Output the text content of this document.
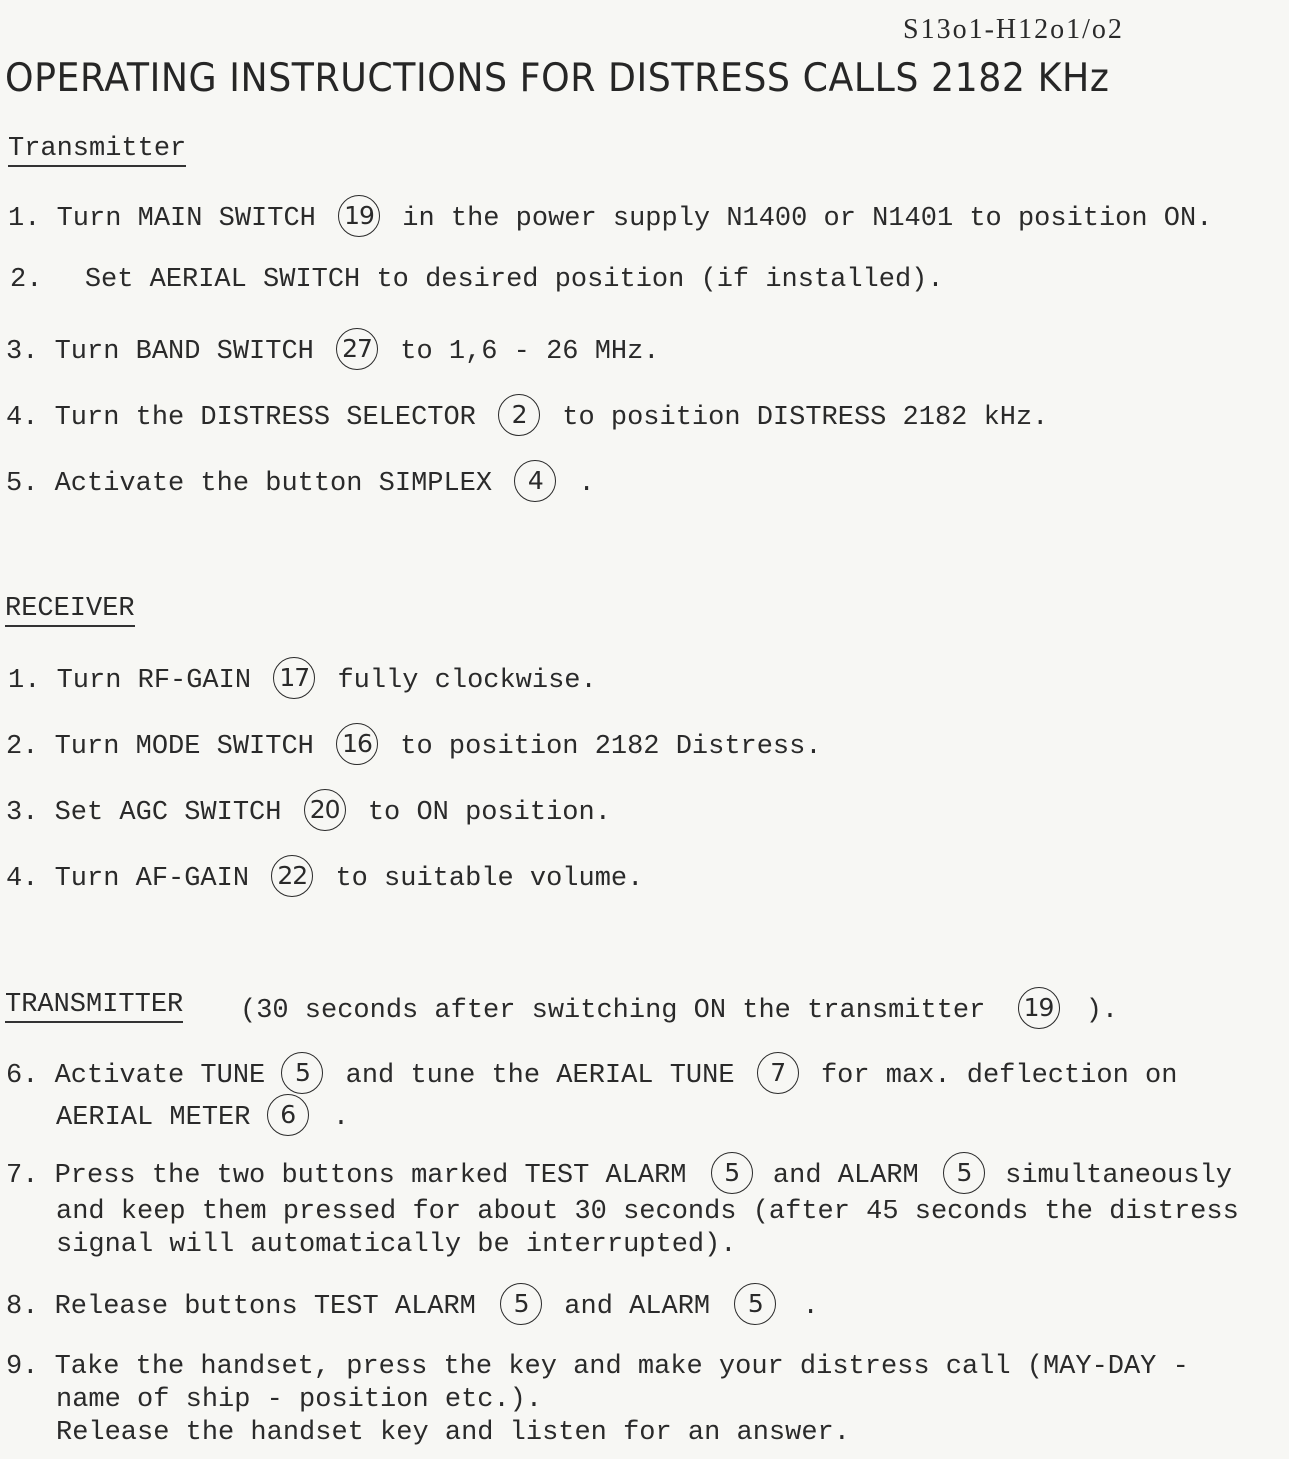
S13o1-H12o1/o2
OPERATING INSTRUCTIONS FOR DISTRESS CALLS 2182 KHz
Transmitter
1. Turn MAIN SWITCH 19 in the power supply N1400 or N1401 to position ON.
2. Set AERIAL SWITCH to desired position (if installed).
3. Turn BAND SWITCH 27 to 1,6 - 26 MHz.
4. Turn the DISTRESS SELECTOR 2 to position DISTRESS 2182 kHz.
5. Activate the button SIMPLEX 4 .
RECEIVER
1. Turn RF-GAIN 17 fully clockwise.
2. Turn MODE SWITCH 16 to position 2182 Distress.
3. Set AGC SWITCH 20 to ON position.
4. Turn AF-GAIN 22 to suitable volume.
TRANSMITTER (30 seconds after switching ON the transmitter 19 ).
6. Activate TUNE 5 and tune the AERIAL TUNE 7 for max. deflection on
AERIAL METER 6 .
7. Press the two buttons marked TEST ALARM 5 and ALARM 5 simultaneously
and keep them pressed for about 30 seconds (after 45 seconds the distress
signal will automatically be interrupted).
8. Release buttons TEST ALARM 5 and ALARM 5 .
9. Take the handset, press the key and make your distress call (MAY-DAY -
name of ship - position etc.).
Release the handset key and listen for an answer.
